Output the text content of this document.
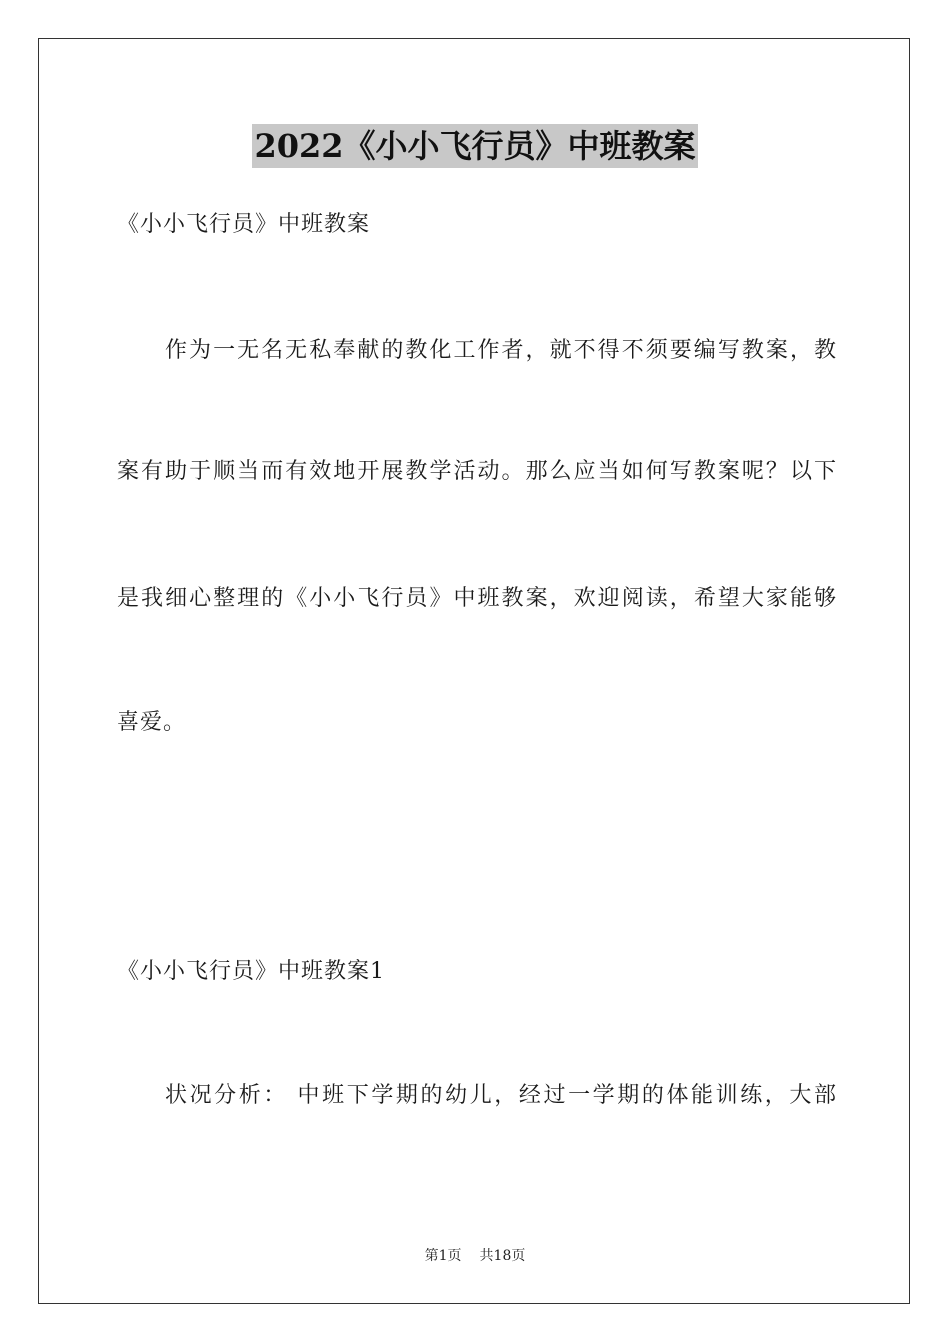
2022《小小飞行员》中班教案
《小小飞行员》中班教案
作为一无名无私奉献的教化工作者，就不得不须要编写教案，教
案有助于顺当而有效地开展教学活动。那么应当如何写教案呢？以下
是我细心整理的《小小飞行员》中班教案，欢迎阅读，希望大家能够
喜爱。
《小小飞行员》中班教案1
状况分析： 中班下学期的幼儿，经过一学期的体能训练，大部
第1页 共18页
